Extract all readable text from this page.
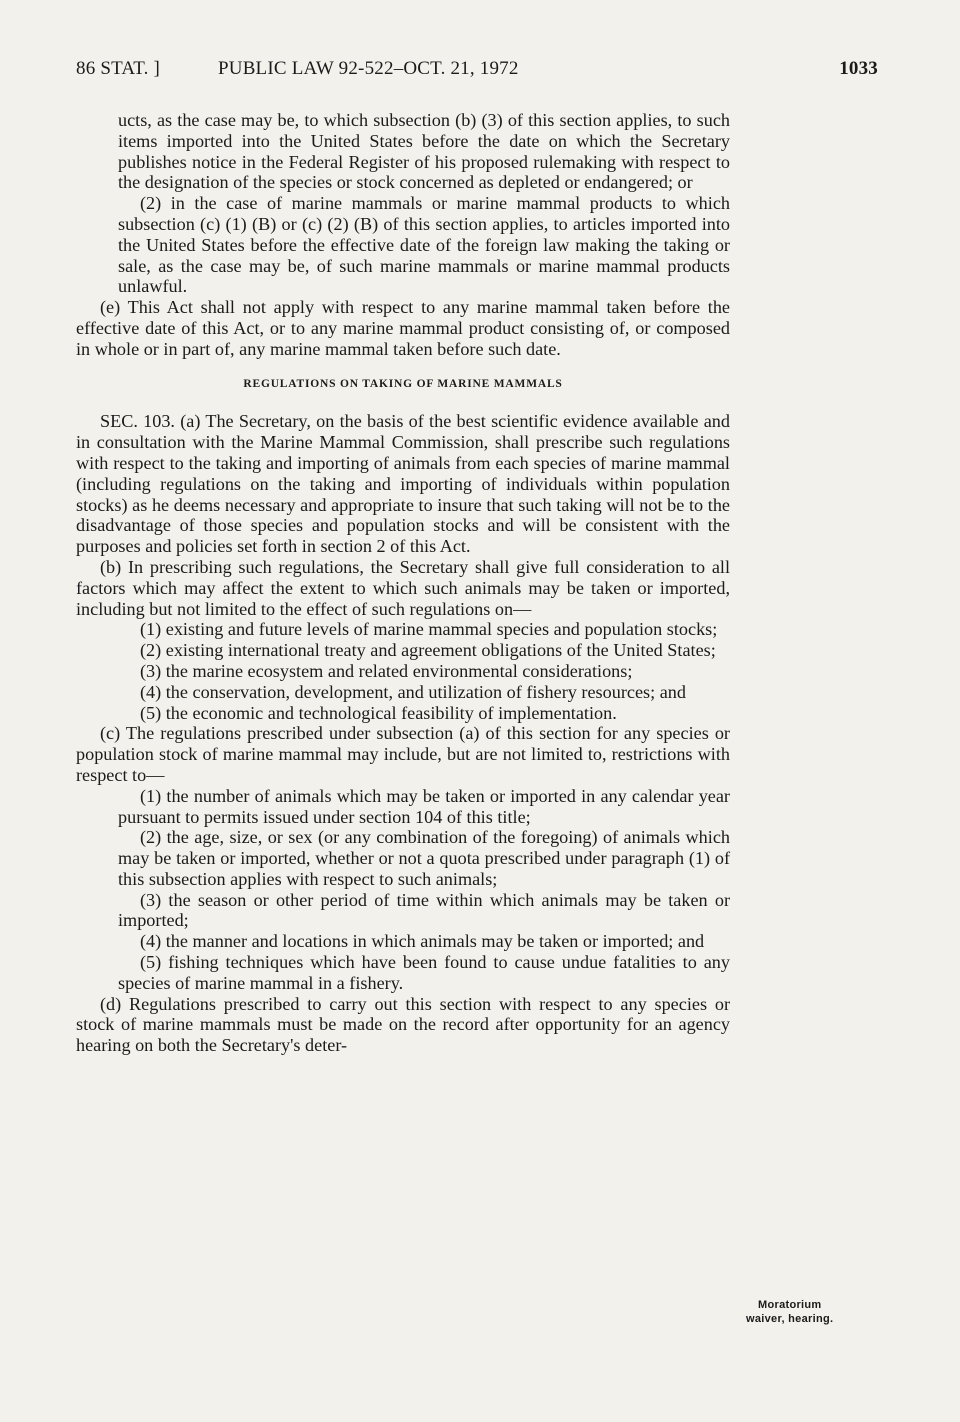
86 STAT. ]	PUBLIC LAW 92-522–OCT. 21, 1972	1033

ucts, as the case may be, to which subsection (b) (3) of this section applies, to such items imported into the United States before the date on which the Secretary publishes notice in the Federal Register of his proposed rulemaking with respect to the designation of the species or stock concerned as depleted or endangered; or

(2) in the case of marine mammals or marine mammal products to which subsection (c) (1) (B) or (c) (2) (B) of this section applies, to articles imported into the United States before the effective date of the foreign law making the taking or sale, as the case may be, of such marine mammals or marine mammal products unlawful.

(e) This Act shall not apply with respect to any marine mammal taken before the effective date of this Act, or to any marine mammal product consisting of, or composed in whole or in part of, any marine mammal taken before such date.

REGULATIONS ON TAKING OF MARINE MAMMALS

SEC. 103. (a) The Secretary, on the basis of the best scientific evidence available and in consultation with the Marine Mammal Commission, shall prescribe such regulations with respect to the taking and importing of animals from each species of marine mammal (including regulations on the taking and importing of individuals within population stocks) as he deems necessary and appropriate to insure that such taking will not be to the disadvantage of those species and population stocks and will be consistent with the purposes and policies set forth in section 2 of this Act.

(b) In prescribing such regulations, the Secretary shall give full consideration to all factors which may affect the extent to which such animals may be taken or imported, including but not limited to the effect of such regulations on—

(1) existing and future levels of marine mammal species and population stocks;

(2) existing international treaty and agreement obligations of the United States;

(3) the marine ecosystem and related environmental considerations;

(4) the conservation, development, and utilization of fishery resources; and

(5) the economic and technological feasibility of implementation.

(c) The regulations prescribed under subsection (a) of this section for any species or population stock of marine mammal may include, but are not limited to, restrictions with respect to—

(1) the number of animals which may be taken or imported in any calendar year pursuant to permits issued under section 104 of this title;

(2) the age, size, or sex (or any combination of the foregoing) of animals which may be taken or imported, whether or not a quota prescribed under paragraph (1) of this subsection applies with respect to such animals;

(3) the season or other period of time within which animals may be taken or imported;

(4) the manner and locations in which animals may be taken or imported; and

(5) fishing techniques which have been found to cause undue fatalities to any species of marine mammal in a fishery.

(d) Regulations prescribed to carry out this section with respect to any species or stock of marine mammals must be made on the record after opportunity for an agency hearing on both the Secretary's deter-

Moratorium
waiver, hearing.
